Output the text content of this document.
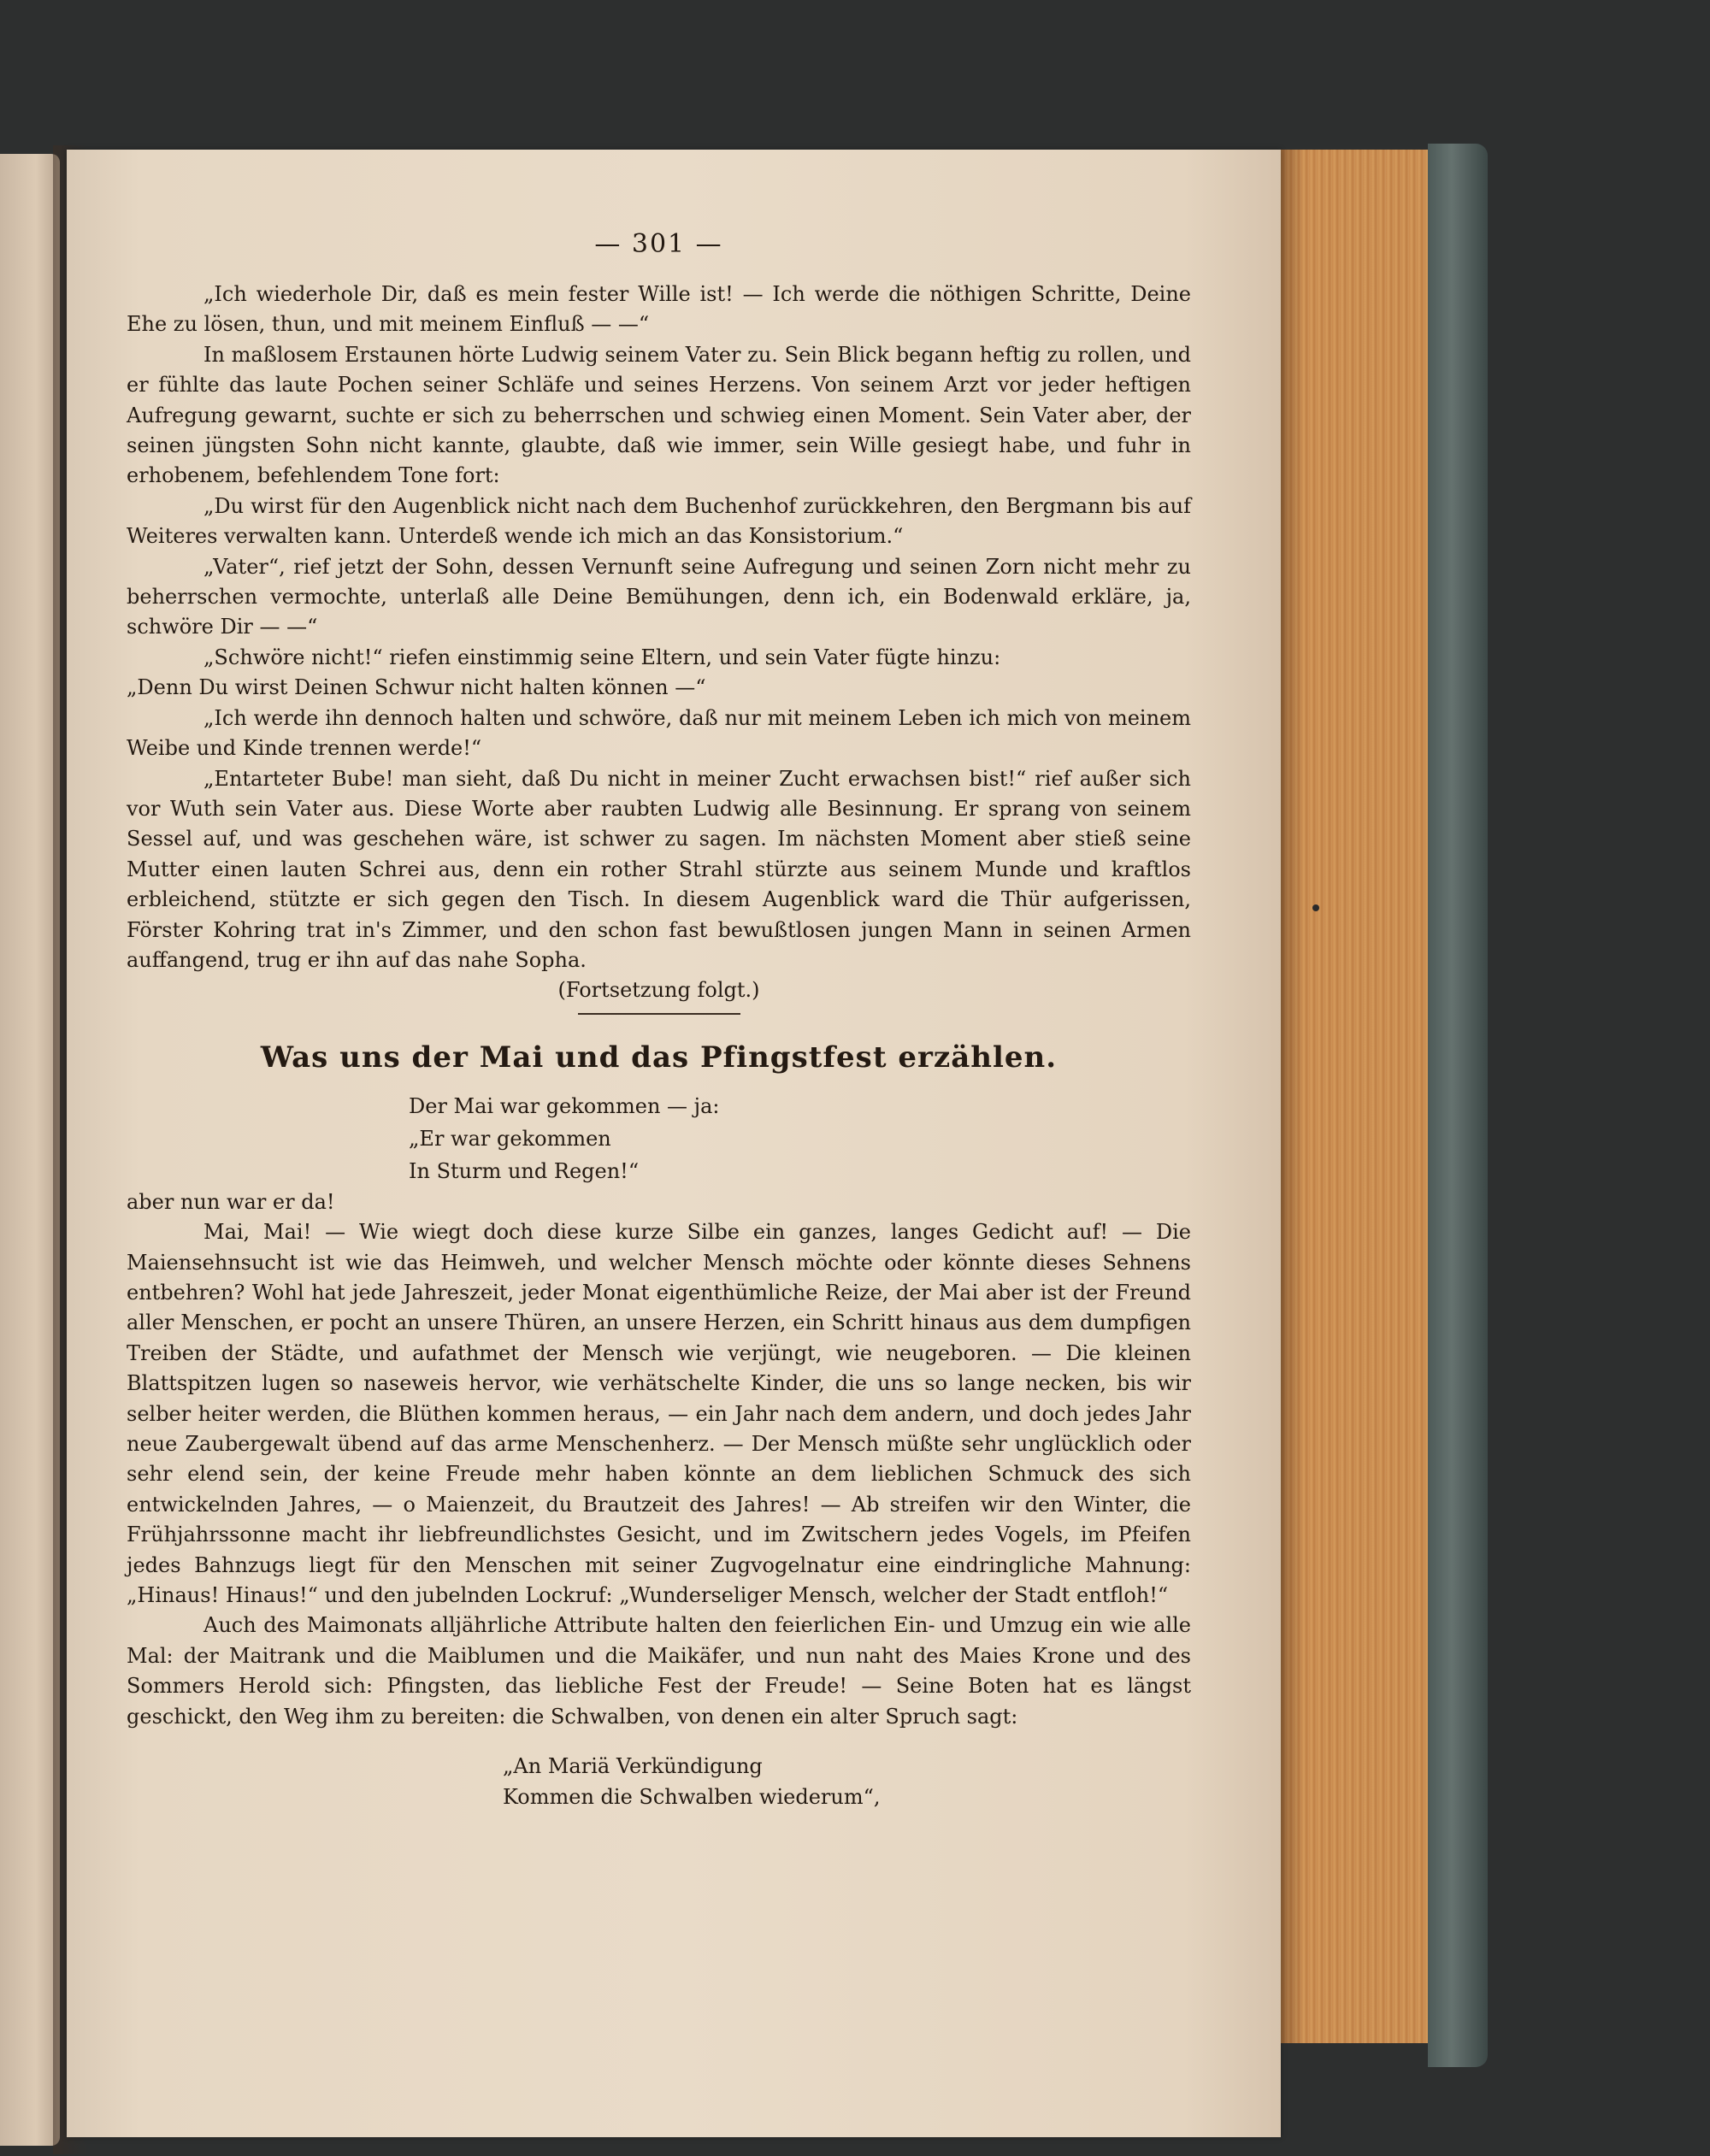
— 301 —

„Ich wiederhole Dir, daß es mein fester Wille ist! — Ich werde die nöthigen Schritte, Deine Ehe zu lösen, thun, und mit meinem Einfluß — —“

In maßlosem Erstaunen hörte Ludwig seinem Vater zu. Sein Blick begann heftig zu rollen, und er fühlte das laute Pochen seiner Schläfe und seines Herzens. Von seinem Arzt vor jeder heftigen Aufregung gewarnt, suchte er sich zu beherrschen und schwieg einen Moment. Sein Vater aber, der seinen jüngsten Sohn nicht kannte, glaubte, daß wie immer, sein Wille gesiegt habe, und fuhr in erhobenem, befehlendem Tone fort:

„Du wirst für den Augenblick nicht nach dem Buchenhof zurückkehren, den Bergmann bis auf Weiteres verwalten kann. Unterdeß wende ich mich an das Konsistorium.“

„Vater“, rief jetzt der Sohn, dessen Vernunft seine Aufregung und seinen Zorn nicht mehr zu beherrschen vermochte, unterlaß alle Deine Bemühungen, denn ich, ein Bodenwald erkläre, ja, schwöre Dir — —“

„Schwöre nicht!“ riefen einstimmig seine Eltern, und sein Vater fügte hinzu:

„Denn Du wirst Deinen Schwur nicht halten können —“

„Ich werde ihn dennoch halten und schwöre, daß nur mit meinem Leben ich mich von meinem Weibe und Kinde trennen werde!“

„Entarteter Bube! man sieht, daß Du nicht in meiner Zucht erwachsen bist!“ rief außer sich vor Wuth sein Vater aus. Diese Worte aber raubten Ludwig alle Besinnung. Er sprang von seinem Sessel auf, und was geschehen wäre, ist schwer zu sagen. Im nächsten Moment aber stieß seine Mutter einen lauten Schrei aus, denn ein rother Strahl stürzte aus seinem Munde und kraftlos erbleichend, stützte er sich gegen den Tisch. In diesem Augenblick ward die Thür aufgerissen, Förster Kohring trat in's Zimmer, und den schon fast bewußtlosen jungen Mann in seinen Armen auffangend, trug er ihn auf das nahe Sopha.

(Fortsetzung folgt.)

Was uns der Mai und das Pfingstfest erzählen.
Der Mai war gekommen — ja:
„Er war gekommen
In Sturm und Regen!“

aber nun war er da!

Mai, Mai! — Wie wiegt doch diese kurze Silbe ein ganzes, langes Gedicht auf! — Die Maiensehnsucht ist wie das Heimweh, und welcher Mensch möchte oder könnte dieses Sehnens entbehren? Wohl hat jede Jahreszeit, jeder Monat eigenthümliche Reize, der Mai aber ist der Freund aller Menschen, er pocht an unsere Thüren, an unsere Herzen, ein Schritt hinaus aus dem dumpfigen Treiben der Städte, und aufathmet der Mensch wie verjüngt, wie neugeboren. — Die kleinen Blattspitzen lugen so naseweis hervor, wie verhätschelte Kinder, die uns so lange necken, bis wir selber heiter werden, die Blüthen kommen heraus, — ein Jahr nach dem andern, und doch jedes Jahr neue Zaubergewalt übend auf das arme Menschenherz. — Der Mensch müßte sehr unglücklich oder sehr elend sein, der keine Freude mehr haben könnte an dem lieblichen Schmuck des sich entwickelnden Jahres, — o Maienzeit, du Brautzeit des Jahres! — Ab streifen wir den Winter, die Frühjahrssonne macht ihr liebfreundlichstes Gesicht, und im Zwitschern jedes Vogels, im Pfeifen jedes Bahnzugs liegt für den Menschen mit seiner Zugvogelnatur eine eindringliche Mahnung: „Hinaus! Hinaus!“ und den jubelnden Lockruf: „Wunderseliger Mensch, welcher der Stadt entfloh!“

Auch des Maimonats alljährliche Attribute halten den feierlichen Ein- und Umzug ein wie alle Mal: der Maitrank und die Maiblumen und die Maikäfer, und nun naht des Maies Krone und des Sommers Herold sich: Pfingsten, das liebliche Fest der Freude! — Seine Boten hat es längst geschickt, den Weg ihm zu bereiten: die Schwalben, von denen ein alter Spruch sagt:

„An Mariä Verkündigung
Kommen die Schwalben wiederum“,
